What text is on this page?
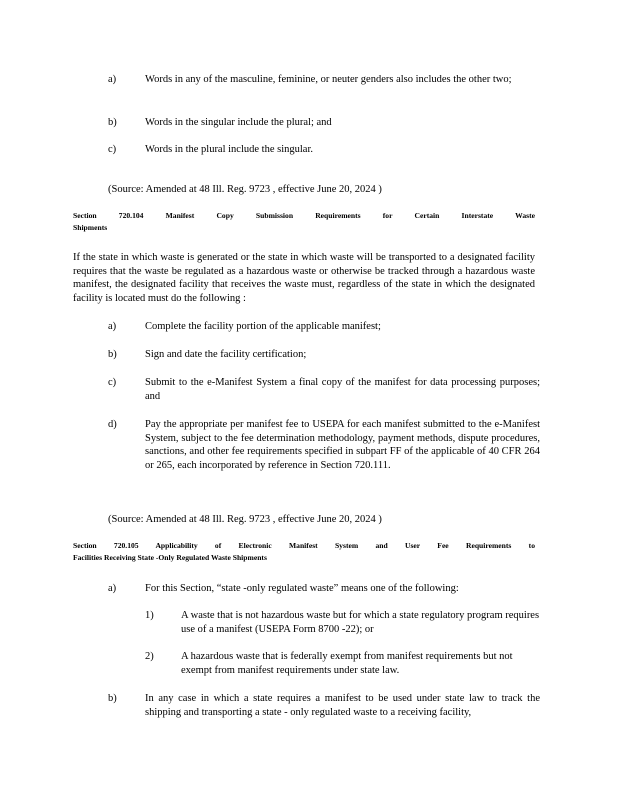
a)	Words in any of the masculine, feminine, or neuter genders also includes the other two;
b)	Words in the singular include the plural; and
c)	Words in the plural include the singular.
(Source: Amended at 48 Ill. Reg. 9723 , effective June 20, 2024 )
Section 720.104 Manifest Copy Submission Requirements for Certain Interstate Waste
Shipments
If the state in which waste is generated or the state in which waste will be transported to a designated facility requires that the waste be regulated as a hazardous waste or otherwise be tracked through a hazardous waste manifest, the designated facility that receives the waste must, regardless of the state in which the designated facility is located must do the following :
a)	Complete the facility portion of the applicable manifest;
b)	Sign and date the facility certification;
c)	Submit to the e-Manifest System a final copy of the manifest for data processing purposes; and
d)	Pay the appropriate per manifest fee to USEPA for each manifest submitted to the e-Manifest System, subject to the fee determination methodology, payment methods, dispute procedures, sanctions, and other fee requirements specified in subpart FF of the applicable of 40 CFR 264 or 265, each incorporated by reference in Section 720.111.
(Source: Amended at 48 Ill. Reg. 9723 , effective June 20, 2024 )
Section 720.105 Applicability of Electronic Manifest System and User Fee Requirements to
Facilities Receiving State -Only Regulated Waste Shipments
a)	For this Section, “state -only regulated waste” means one of the following:
1)	A waste that is not hazardous waste but for which a state regulatory program requires use of a manifest (USEPA Form 8700 -22); or
2)	A hazardous waste that is federally exempt from manifest requirements but not exempt from manifest requirements under state law.
b)	In any case in which a state requires a manifest to be used under state law to track the shipping and transporting a state - only regulated waste to a receiving facility,
